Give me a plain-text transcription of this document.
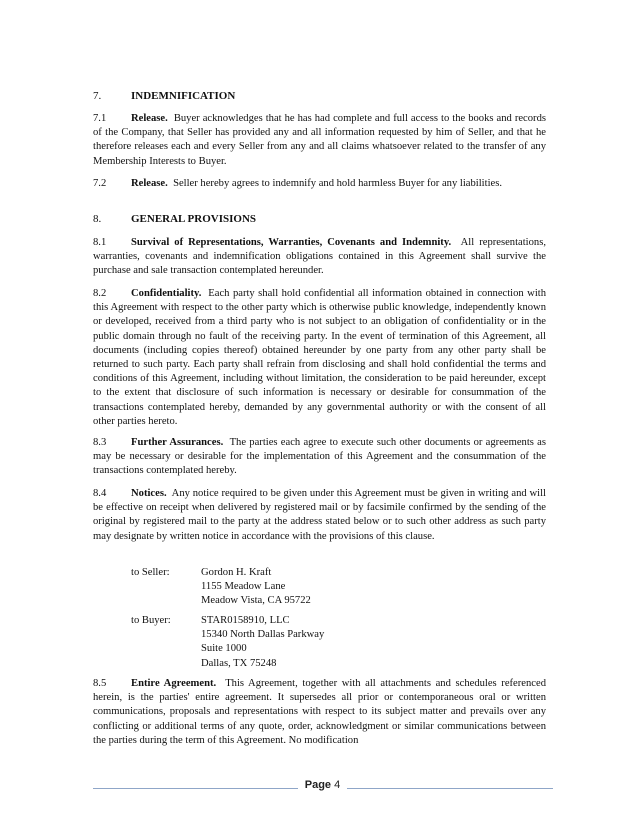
7.	INDEMNIFICATION
7.1 Release. Buyer acknowledges that he has had complete and full access to the books and records of the Company, that Seller has provided any and all information requested by him of Seller, and that he therefore releases each and every Seller from any and all claims whatsoever related to the transfer of any Membership Interests to Buyer.
7.2 Release. Seller hereby agrees to indemnify and hold harmless Buyer for any liabilities.
8.	GENERAL PROVISIONS
8.1 Survival of Representations, Warranties, Covenants and Indemnity. All representations, warranties, covenants and indemnification obligations contained in this Agreement shall survive the purchase and sale transaction contemplated hereunder.
8.2 Confidentiality. Each party shall hold confidential all information obtained in connection with this Agreement with respect to the other party which is otherwise public knowledge, independently known or developed, received from a third party who is not subject to an obligation of confidentiality or in the public domain through no fault of the receiving party. In the event of termination of this Agreement, all documents (including copies thereof) obtained hereunder by one party from any other party shall be returned to such party. Each party shall refrain from disclosing and shall hold confidential the terms and conditions of this Agreement, including without limitation, the consideration to be paid hereunder, except to the extent that disclosure of such information is necessary or desirable for consummation of the transactions contemplated hereby, demanded by any governmental authority or with the consent of all other parties hereto.
8.3 Further Assurances. The parties each agree to execute such other documents or agreements as may be necessary or desirable for the implementation of this Agreement and the consummation of the transactions contemplated hereby.
8.4 Notices. Any notice required to be given under this Agreement must be given in writing and will be effective on receipt when delivered by registered mail or by facsimile confirmed by the sending of the original by registered mail to the party at the address stated below or to such other address as such party may designate by written notice in accordance with the provisions of this clause.
to Seller:	Gordon H. Kraft
1155 Meadow Lane
Meadow Vista, CA 95722
to Buyer:	STAR0158910, LLC
15340 North Dallas Parkway
Suite 1000
Dallas, TX 75248
8.5 Entire Agreement. This Agreement, together with all attachments and schedules referenced herein, is the parties' entire agreement. It supersedes all prior or contemporaneous oral or written communications, proposals and representations with respect to its subject matter and prevails over any conflicting or additional terms of any quote, order, acknowledgment or similar communications between the parties during the term of this Agreement. No modification
Page 4
